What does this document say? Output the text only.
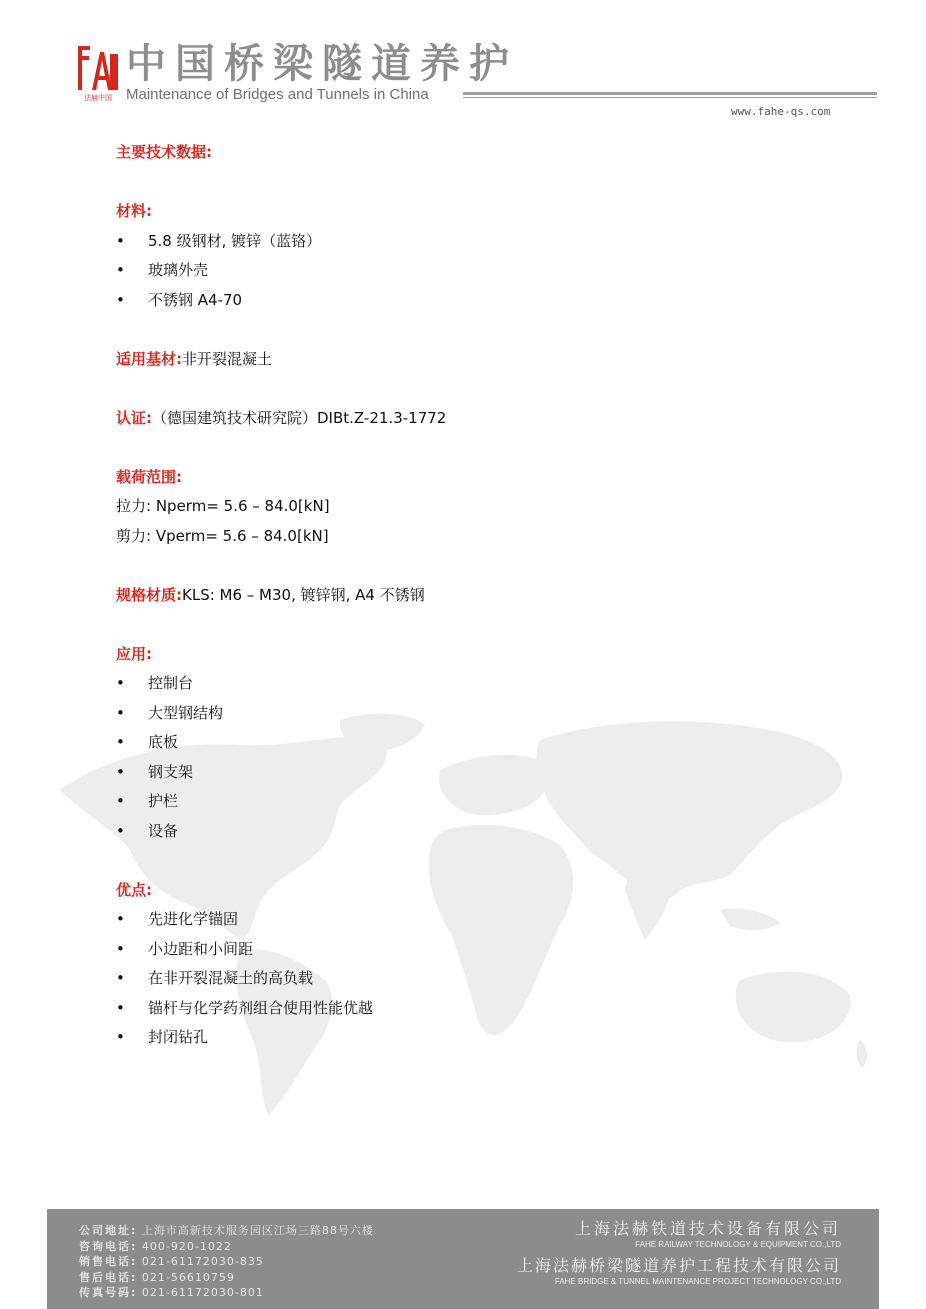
法赫中国
中国桥梁隧道养护
Maintenance of Bridges and Tunnels in China
www.fahe-qs.com
主要技术数据:
材料:
• 5.8 级钢材, 镀锌（蓝铬）
• 玻璃外壳
• 不锈钢 A4-70
适用基材:非开裂混凝土
认证:（德国建筑技术研究院）DIBt.Z-21.3-1772
载荷范围:
拉力: Nperm= 5.6 – 84.0[kN]
剪力: Vperm= 5.6 – 84.0[kN]
规格材质:KLS: M6 – M30, 镀锌钢, A4 不锈钢
应用:
• 控制台
• 大型钢结构
• 底板
• 钢支架
• 护栏
• 设备
优点:
• 先进化学锚固
• 小边距和小间距
• 在非开裂混凝土的高负载
• 锚杆与化学药剂组合使用性能优越
• 封闭钻孔
公司地址: 上海市高新技术服务园区江场三路88号六楼
咨询电话: 400-920-1022
销售电话: 021-61172030-835
售后电话: 021-56610759
传真号码: 021-61172030-801
上海法赫铁道技术设备有限公司
FAHE RAILWAY TECHNOLOGY & EQUIPMENT CO.,LTD
上海法赫桥梁隧道养护工程技术有限公司
FAHE BRIDGE & TUNNEL MAINTENANCE PROJECT TECHNOLOGY CO.,LTD
